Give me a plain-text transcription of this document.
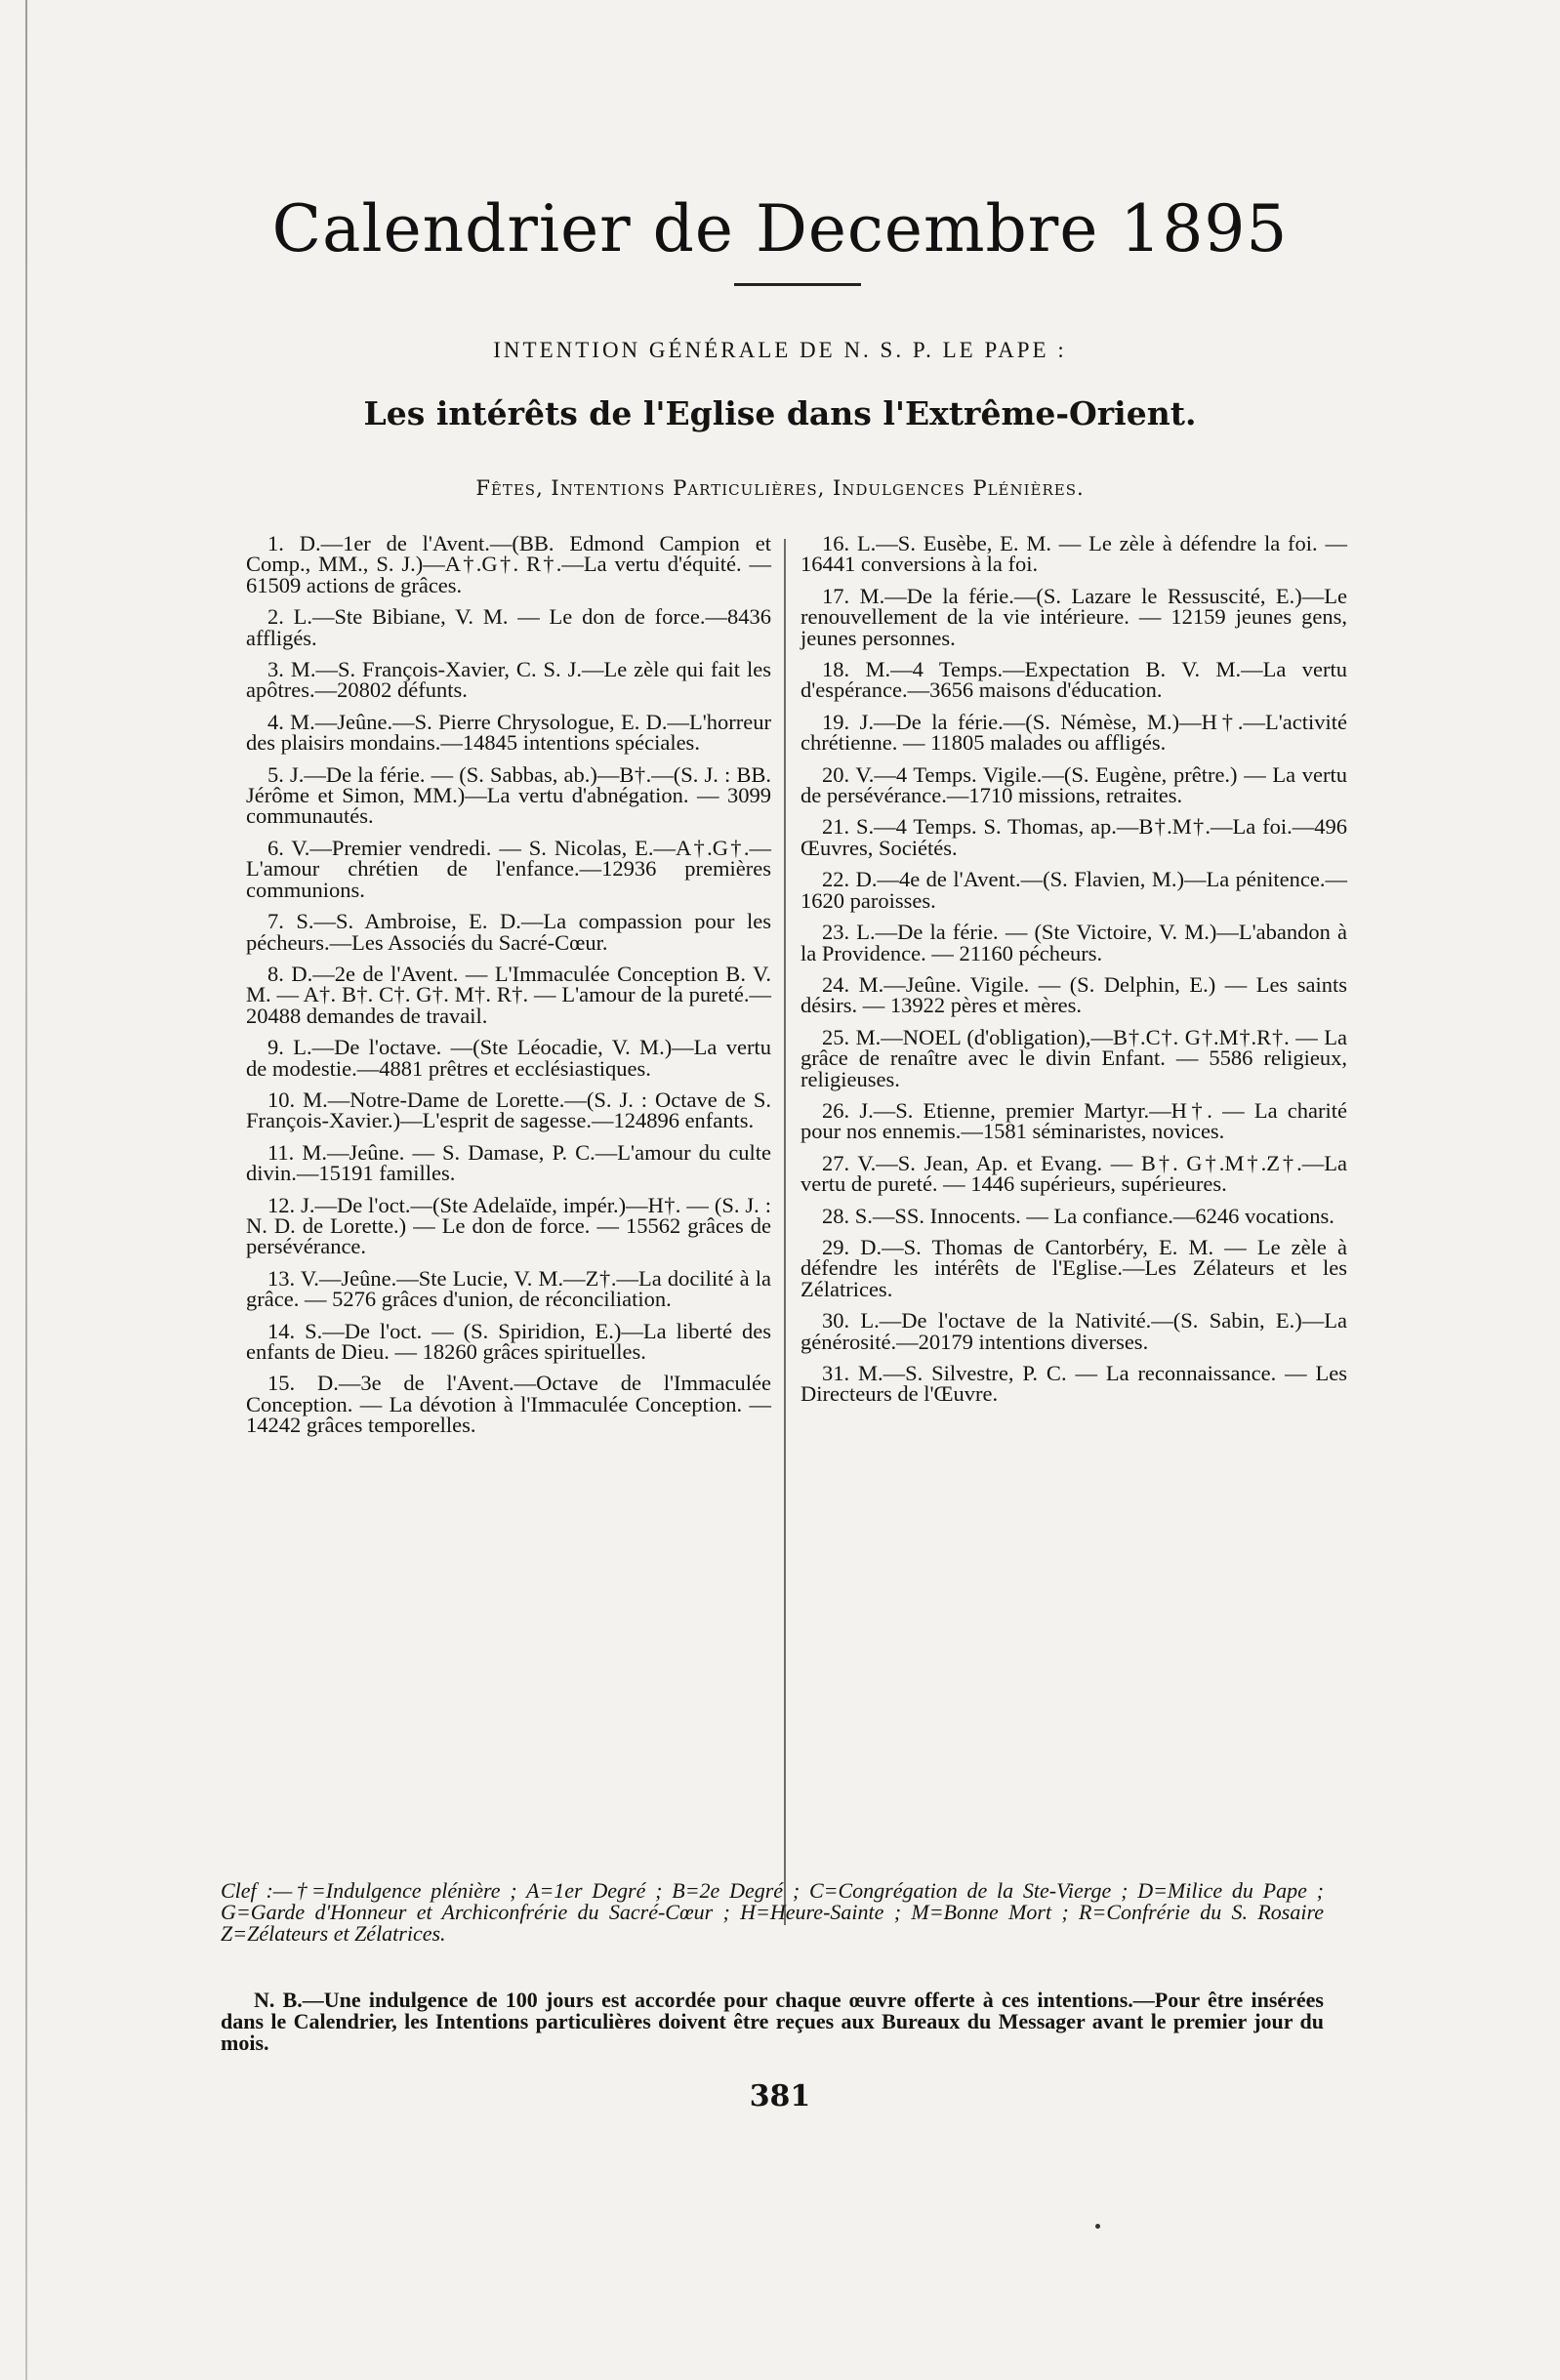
Calendrier de Decembre 1895
INTENTION GÉNÉRALE DE N. S. P. LE PAPE :
Les intérêts de l'Eglise dans l'Extrême-Orient.
Fêtes, Intentions Particulières, Indulgences Plénières.

1. D.—1er de l'Avent.—(BB. Edmond Campion et Comp., MM., S. J.)—A†.G†. R†.—La vertu d'équité. — 61509 actions de grâces.

2. L.—Ste Bibiane, V. M. — Le don de force.—8436 affligés.

3. M.—S. François-Xavier, C. S. J.—Le zèle qui fait les apôtres.—20802 défunts.

4. M.—Jeûne.—S. Pierre Chrysologue, E. D.—L'horreur des plaisirs mondains.—14845 intentions spéciales.

5. J.—De la férie. — (S. Sabbas, ab.)—B†.—(S. J. : BB. Jérôme et Simon, MM.)—La vertu d'abnégation. — 3099 communautés.

6. V.—Premier vendredi. — S. Nicolas, E.—A†.G†.—L'amour chrétien de l'enfance.—12936 premières communions.

7. S.—S. Ambroise, E. D.—La compassion pour les pécheurs.—Les Associés du Sacré-Cœur.

8. D.—2e de l'Avent. — L'Immaculée Conception B. V. M. — A†. B†. C†. G†. M†. R†. — L'amour de la pureté.—20488 demandes de travail.

9. L.—De l'octave. —(Ste Léocadie, V. M.)—La vertu de modestie.—4881 prêtres et ecclésiastiques.

10. M.—Notre-Dame de Lorette.—(S. J. : Octave de S. François-Xavier.)—L'esprit de sagesse.—124896 enfants.

11. M.—Jeûne. — S. Damase, P. C.—L'amour du culte divin.—15191 familles.

12. J.—De l'oct.—(Ste Adelaïde, impér.)—H†. — (S. J. : N. D. de Lorette.) — Le don de force. — 15562 grâces de persévérance.

13. V.—Jeûne.—Ste Lucie, V. M.—Z†.—La docilité à la grâce. — 5276 grâces d'union, de réconciliation.

14. S.—De l'oct. — (S. Spiridion, E.)—La liberté des enfants de Dieu. — 18260 grâces spirituelles.

15. D.—3e de l'Avent.—Octave de l'Immaculée Conception. — La dévotion à l'Immaculée Conception. — 14242 grâces temporelles.

16. L.—S. Eusèbe, E. M. — Le zèle à défendre la foi. — 16441 conversions à la foi.

17. M.—De la férie.—(S. Lazare le Ressuscité, E.)—Le renouvellement de la vie intérieure. — 12159 jeunes gens, jeunes personnes.

18. M.—4 Temps.—Expectation B. V. M.—La vertu d'espérance.—3656 maisons d'éducation.

19. J.—De la férie.—(S. Némèse, M.)—H†.—L'activité chrétienne. — 11805 malades ou affligés.

20. V.—4 Temps. Vigile.—(S. Eugène, prêtre.) — La vertu de persévérance.—1710 missions, retraites.

21. S.—4 Temps. S. Thomas, ap.—B†.M†.—La foi.—496 Œuvres, Sociétés.

22. D.—4e de l'Avent.—(S. Flavien, M.)—La pénitence.—1620 paroisses.

23. L.—De la férie. — (Ste Victoire, V. M.)—L'abandon à la Providence. — 21160 pécheurs.

24. M.—Jeûne. Vigile. — (S. Delphin, E.) — Les saints désirs. — 13922 pères et mères.

25. M.—NOEL (d'obligation),—B†.C†. G†.M†.R†. — La grâce de renaître avec le divin Enfant. — 5586 religieux, religieuses.

26. J.—S. Etienne, premier Martyr.—H†. — La charité pour nos ennemis.—1581 séminaristes, novices.

27. V.—S. Jean, Ap. et Evang. — B†. G†.M†.Z†.—La vertu de pureté. — 1446 supérieurs, supérieures.

28. S.—SS. Innocents. — La confiance.—6246 vocations.

29. D.—S. Thomas de Cantorbéry, E. M. — Le zèle à défendre les intérêts de l'Eglise.—Les Zélateurs et les Zélatrices.

30. L.—De l'octave de la Nativité.—(S. Sabin, E.)—La générosité.—20179 intentions diverses.

31. M.—S. Silvestre, P. C. — La reconnaissance. — Les Directeurs de l'Œuvre.

Clef :—†=Indulgence plénière ; A=1er Degré ; B=2e Degré ; C=Congrégation de la Ste-Vierge ; D=Milice du Pape ; G=Garde d'Honneur et Archiconfrérie du Sacré-Cœur ; H=Heure-Sainte ; M=Bonne Mort ; R=Confrérie du S. Rosaire Z=Zélateurs et Zélatrices.
N. B.—Une indulgence de 100 jours est accordée pour chaque œuvre offerte à ces intentions.—Pour être insérées dans le Calendrier, les Intentions particulières doivent être reçues aux Bureaux du Messager avant le premier jour du mois.
381
